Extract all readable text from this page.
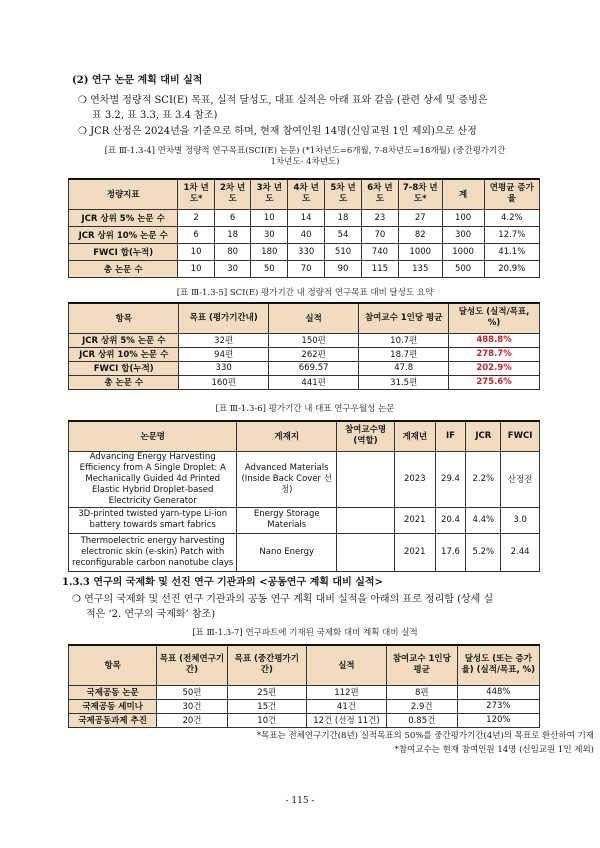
(2) 연구 논문 계획 대비 실적
❍ 연차별 정량적 SCI(E) 목표, 실적 달성도, 대표 실적은 아래 표와 같음 (관련 상세 및 증빙은
표 3.2, 표 3.3, 표 3.4 참조)
❍ JCR 산정은 2024년을 기준으로 하며, 현재 참여인원 14명(신임교원 1인 제외)으로 산정
[표 Ⅲ-1.3-4] 연차별 정량적 연구목표(SCI(E) 논문) (*1차년도=6개월, 7-8차년도=18개월) (중간평가기간
1차년도- 4차년도)
정량지표	1차 년도*	2차 년도	3차 년도	4차 년도	5차 년도	6차 년도	7-8차 년도*	계	연평균 증가율
JCR 상위 5% 논문 수	2	6	10	14	18	23	27	100	4.2%
JCR 상위 10% 논문 수	6	18	30	40	54	70	82	300	12.7%
FWCI 합(누적)	10	80	180	330	510	740	1000	1000	41.1%
총 논문 수	10	30	50	70	90	115	135	500	20.9%
[표 Ⅲ-1.3-5] SCI(E) 평가기간 내 정량적 연구목표 대비 달성도 요약
항목	목표 (평가기간내)	실적	참여교수 1인당 평균	달성도 (실적/목표, %)
JCR 상위 5% 논문 수	32편	150편	10.7편	488.8%
JCR 상위 10% 논문 수	94편	262편	18.7편	278.7%
FWCI 합(누적)	330	669.57	47.8	202.9%
총 논문 수	160편	441편	31.5편	275.6%
[표 Ⅲ-1.3-6] 평가기간 내 대표 연구우월성 논문
논문명	게재지	참여교수명 (역할)	게재년	IF	JCR	FWCI
Advancing Energy Harvesting Efficiency from A Single Droplet: A Mechanically Guided 4d Printed Elastic Hybrid Droplet-based Electricity Generator	Advanced Materials (Inside Back Cover 선정)		2023	29.4	2.2%	산정전
3D-printed twisted yarn-type Li-ion battery towards smart fabrics	Energy Storage Materials		2021	20.4	4.4%	3.0
Thermoelectric energy harvesting electronic skin (e-skin) Patch with reconfigurable carbon nanotube clays	Nano Energy		2021	17.6	5.2%	2.44
1.3.3 연구의 국제화 및 선진 연구 기관과의 <공동연구 계획 대비 실적>
❍ 연구의 국제화 및 선진 연구 기관과의 공동 연구 계획 대비 실적을 아래의 표로 정리함 (상세 실
적은 ‘2. 연구의 국제화’ 참조)
[표 Ⅲ-1.3-7] 연구파트에 기재된 국제화 대비 계획 대비 실적
항목	목표 (전체연구기간)	목표 (중간평가기간)	실적	참여교수 1인당 평균	달성도 (또는 증가율) (실적/목표, %)
국제공동 논문	50편	25편	112편	8편	448%
국제공동 세미나	30건	15건	41건	2.9건	273%
국제공동과제 추진	20건	10건	12건 (선정 11건)	0.85건	120%
*목표는 전체연구기간(8년) 실적목표의 50%를 중간평가기간(4년)의 목표로 환산하여 기재
*참여교수는 현재 참여인원 14명 (신임교원 1인 제외)
- 115 -
